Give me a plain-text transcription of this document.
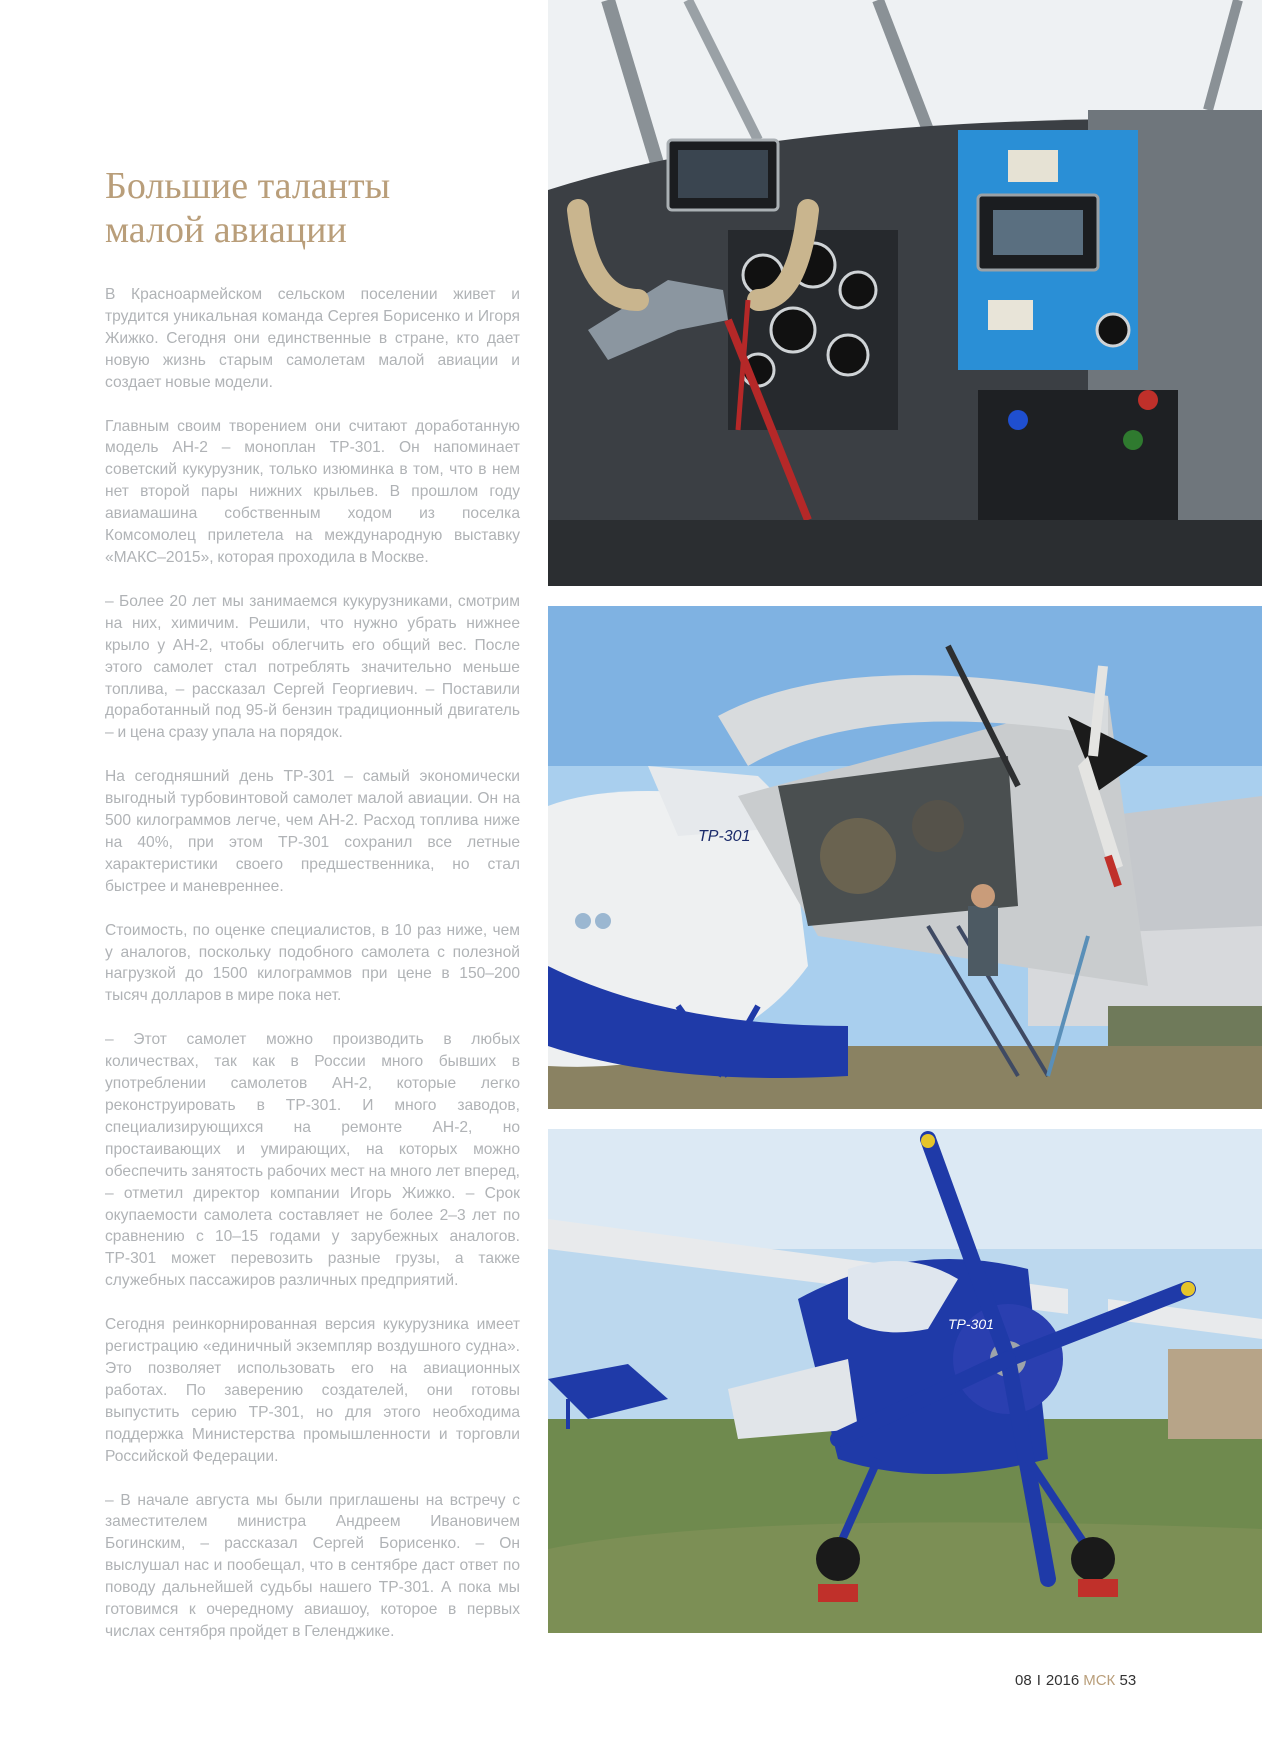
Большие таланты
малой авиации

В Красноармейском сельском поселении живет и трудится уникальная команда Сергея Борисенко и Игоря Жижко. Сегодня они единственные в стране, кто дает новую жизнь старым самолетам малой авиации и создает новые модели.

Главным своим творением они считают доработанную модель АН-2 – моноплан ТР-301. Он напоминает советский кукурузник, только изюминка в том, что в нем нет второй пары нижних крыльев. В прошлом году авиамашина собственным ходом из поселка Комсомолец прилетела на международную выставку «МАКС–2015», которая проходила в Москве.

– Более 20 лет мы занимаемся кукурузниками, смотрим на них, химичим. Решили, что нужно убрать нижнее крыло у АН-2, чтобы облегчить его общий вес. После этого самолет стал потреблять значительно меньше топлива, – рассказал Сергей Георгиевич. – Поставили доработанный под 95-й бензин традиционный двигатель – и цена сразу упала на порядок.

На сегодняшний день ТР-301 – самый экономически выгодный турбовинтовой самолет малой авиации. Он на 500 килограммов легче, чем АН-2. Расход топлива ниже на 40%, при этом ТР-301 сохранил все летные характеристики своего предшественника, но стал быстрее и маневреннее.

Стоимость, по оценке специалистов, в 10 раз ниже, чем у аналогов, поскольку подобного самолета с полезной нагрузкой до 1500 килограммов при цене в 150–200 тысяч долларов в мире пока нет.

– Этот самолет можно производить в любых количествах, так как в России много бывших в употреблении самолетов АН-2, которые легко реконструировать в ТР-301. И много заводов, специализирующихся на ремонте АН-2, но простаивающих и умирающих, на которых можно обеспечить занятость рабочих мест на много лет вперед, – отметил директор компании Игорь Жижко. – Срок окупаемости самолета составляет не более 2–3 лет по сравнению с 10–15 годами у зарубежных аналогов. ТР-301 может перевозить разные грузы, а также служебных пассажиров различных предприятий.

Сегодня реинкорнированная версия кукурузника имеет регистрацию «единичный экземпляр воздушного судна». Это позволяет использовать его на авиационных работах. По заверению создателей, они готовы выпустить серию ТР-301, но для этого необходима поддержка Министерства промышленности и торговли Российской Федерации.

– В начале августа мы были приглашены на встречу с заместителем министра Андреем Ивановичем Богинским, – рассказал Сергей Борисенко. – Он выслушал нас и пообещал, что в сентябре даст ответ по поводу дальнейшей судьбы нашего ТР-301. А пока мы готовимся к очередному авиашоу, которое в первых числах сентября пройдет в Геленджике.

ТР-301
ТР-301
08 I 2016 МСК 53
